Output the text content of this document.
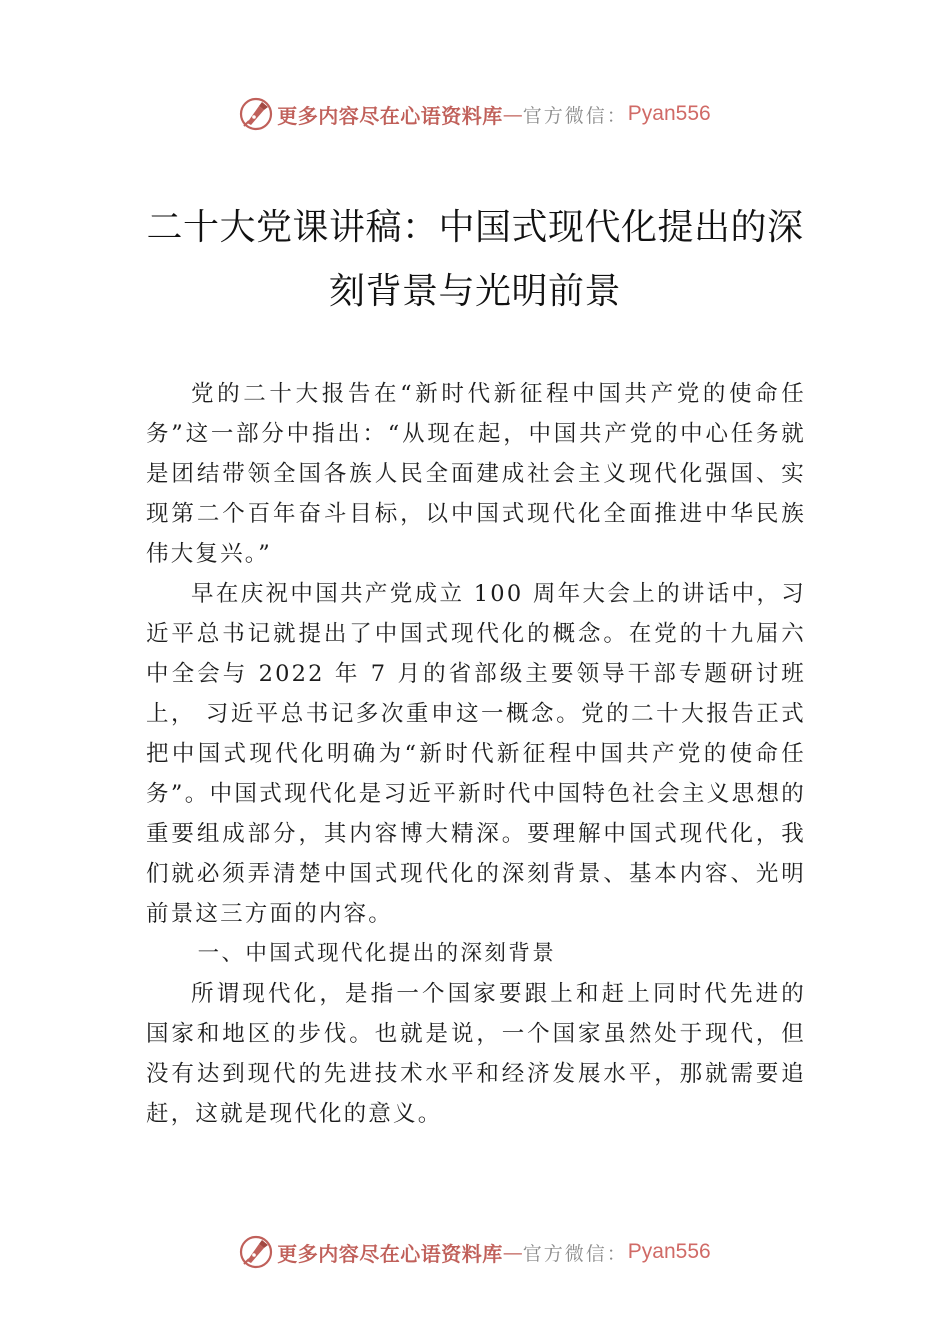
更多内容尽在心语资料库 — 官方微信： Pyan556
二十大党课讲稿：中国式现代化提出的深
刻背景与光明前景

党的二十大报告在“新时代新征程中国共产党的使命任务”这一部分中指出：“从现在起，中国共产党的中心任务就是团结带领全国各族人民全面建成社会主义现代化强国、实现第二个百年奋斗目标，以中国式现代化全面推进中华民族伟大复兴。”

早在庆祝中国共产党成立 100 周年大会上的讲话中，习近平总书记就提出了中国式现代化的概念。在党的十九届六中全会与 2022 年 7 月的省部级主要领导干部专题研讨班上， 习近平总书记多次重申这一概念。党的二十大报告正式把中国式现代化明确为“新时代新征程中国共产党的使命任务”。中国式现代化是习近平新时代中国特色社会主义思想的重要组成部分，其内容博大精深。要理解中国式现代化，我们就必须弄清楚中国式现代化的深刻背景、基本内容、光明前景这三方面的内容。

一、中国式现代化提出的深刻背景

所谓现代化，是指一个国家要跟上和赶上同时代先进的国家和地区的步伐。也就是说，一个国家虽然处于现代，但没有达到现代的先进技术水平和经济发展水平，那就需要追赶，这就是现代化的意义。

更多内容尽在心语资料库 — 官方微信： Pyan556
